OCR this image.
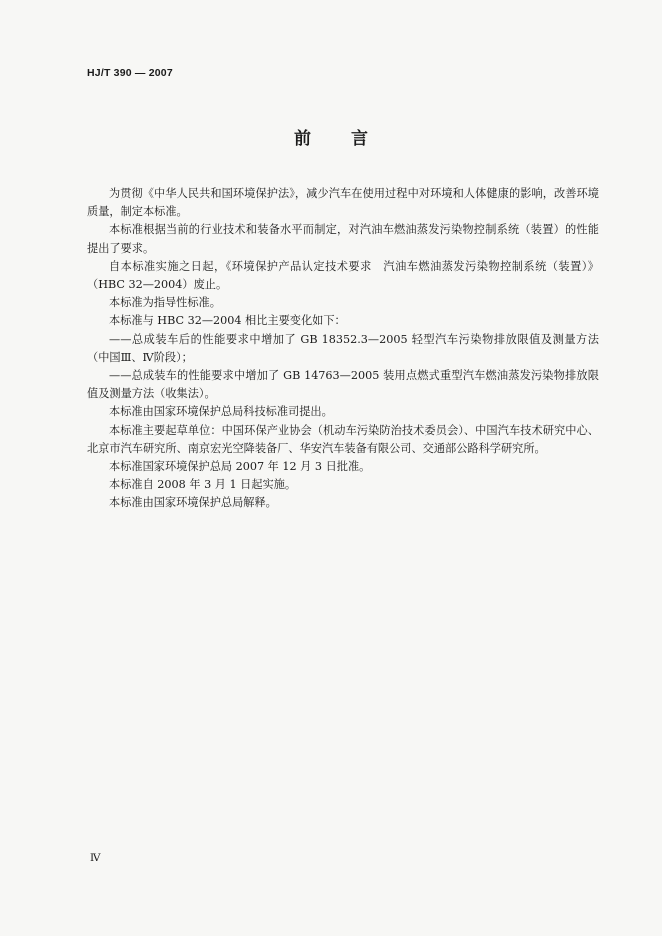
HJ/T 390 — 2007
前 言

为贯彻《中华人民共和国环境保护法》，减少汽车在使用过程中对环境和人体健康的影响，改善环境质量，制定本标准。

本标准根据当前的行业技术和装备水平而制定，对汽油车燃油蒸发污染物控制系统（装置）的性能提出了要求。

自本标准实施之日起，《环境保护产品认定技术要求　汽油车燃油蒸发污染物控制系统（装置）》（HBC 32—2004）废止。

本标准为指导性标准。

本标准与 HBC 32—2004 相比主要变化如下：

——总成装车后的性能要求中增加了 GB 18352.3—2005 轻型汽车污染物排放限值及测量方法（中国Ⅲ、Ⅳ阶段）；

——总成装车的性能要求中增加了 GB 14763—2005 装用点燃式重型汽车燃油蒸发污染物排放限值及测量方法（收集法）。

本标准由国家环境保护总局科技标准司提出。

本标准主要起草单位：中国环保产业协会（机动车污染防治技术委员会）、中国汽车技术研究中心、北京市汽车研究所、南京宏光空降装备厂、华安汽车装备有限公司、交通部公路科学研究所。

本标准国家环境保护总局 2007 年 12 月 3 日批准。

本标准自 2008 年 3 月 1 日起实施。

本标准由国家环境保护总局解释。

Ⅳ
